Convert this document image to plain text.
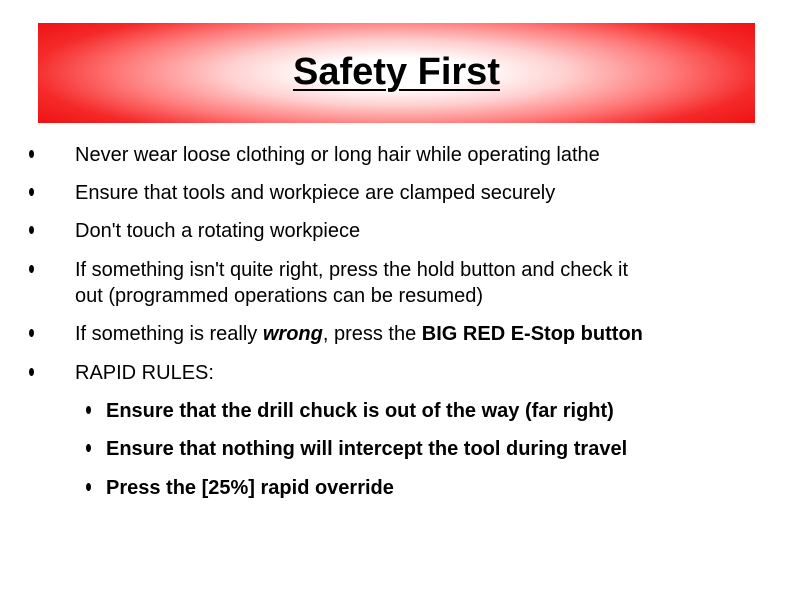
Safety First
Never wear loose clothing or long hair while operating lathe
Ensure that tools and workpiece are clamped securely
Don't touch a rotating workpiece
If something isn't quite right, press the hold button and check it
out (programmed operations can be resumed)
If something is really wrong, press the BIG RED E-Stop button
RAPID RULES:
Ensure that the drill chuck is out of the way (far right)
Ensure that nothing will intercept the tool during travel
Press the [25%] rapid override
